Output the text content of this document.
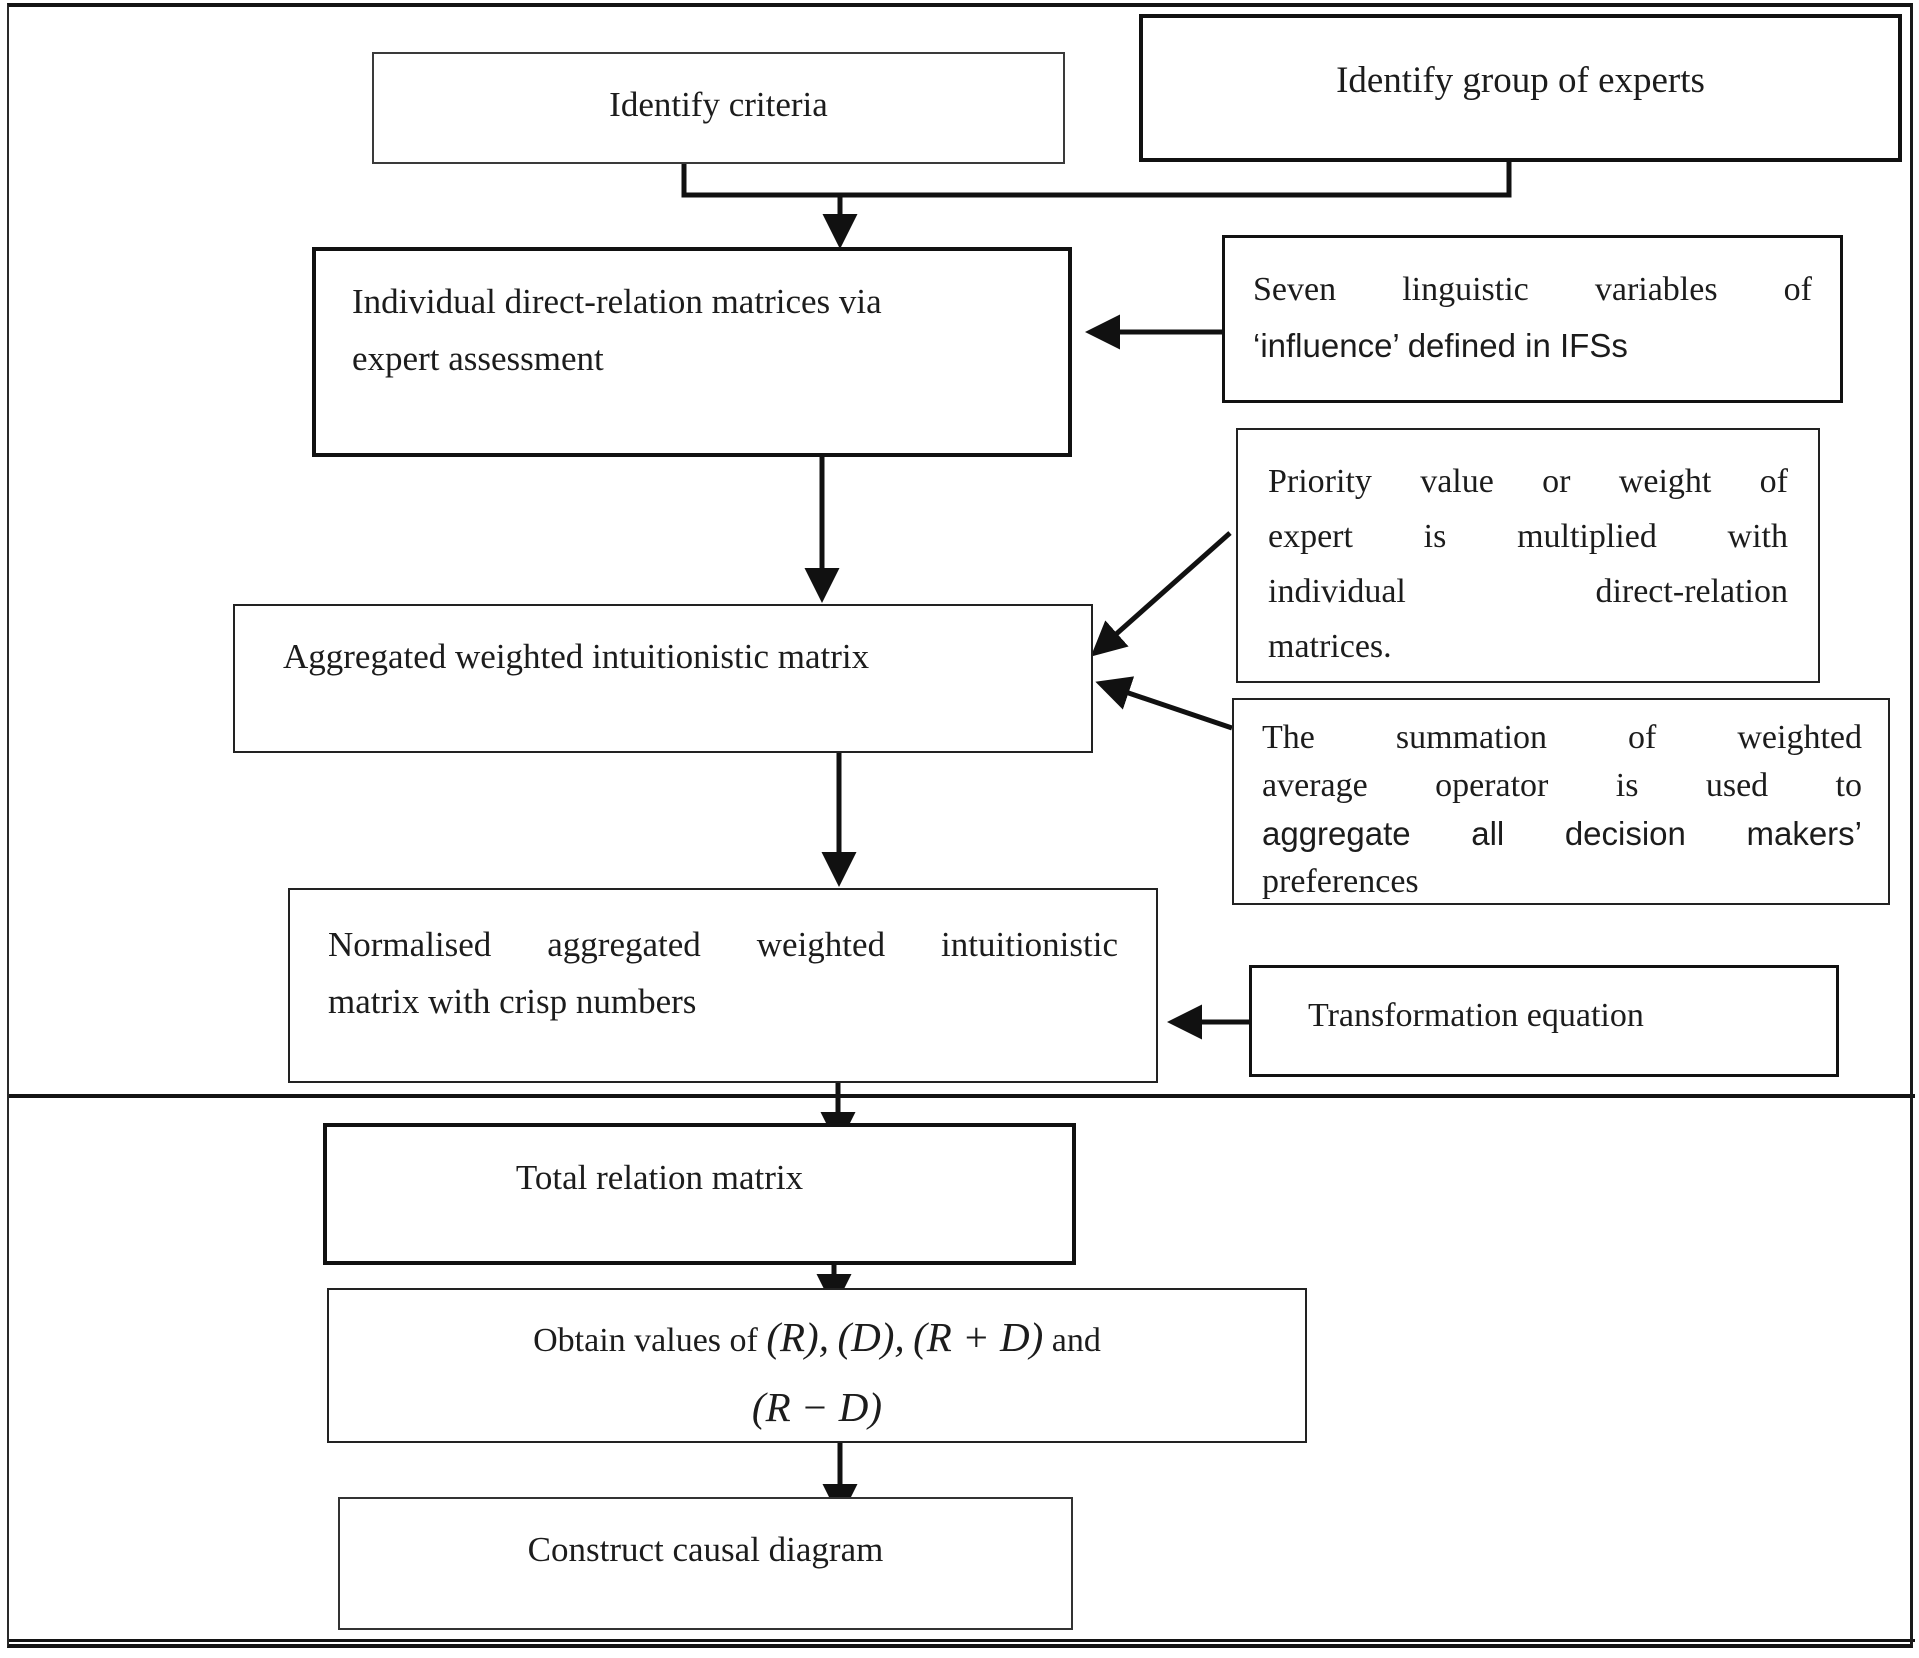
Identify criteria
Identify group of experts
Individual direct-relation matrices via
expert assessment
Seven linguistic variables of
‘influence’ defined in IFSs
Priority value or weight of
expert is multiplied with
individual direct-relation
matrices.
Aggregated weighted intuitionistic matrix
The summation of weighted
average operator is used to
aggregate all decision makers’
preferences
Normalised aggregated weighted intuitionistic
matrix with crisp numbers	Transformation equation
Total relation matrix
Obtain values of (R), (D), (R + D) and
(R − D)
Construct causal diagram
